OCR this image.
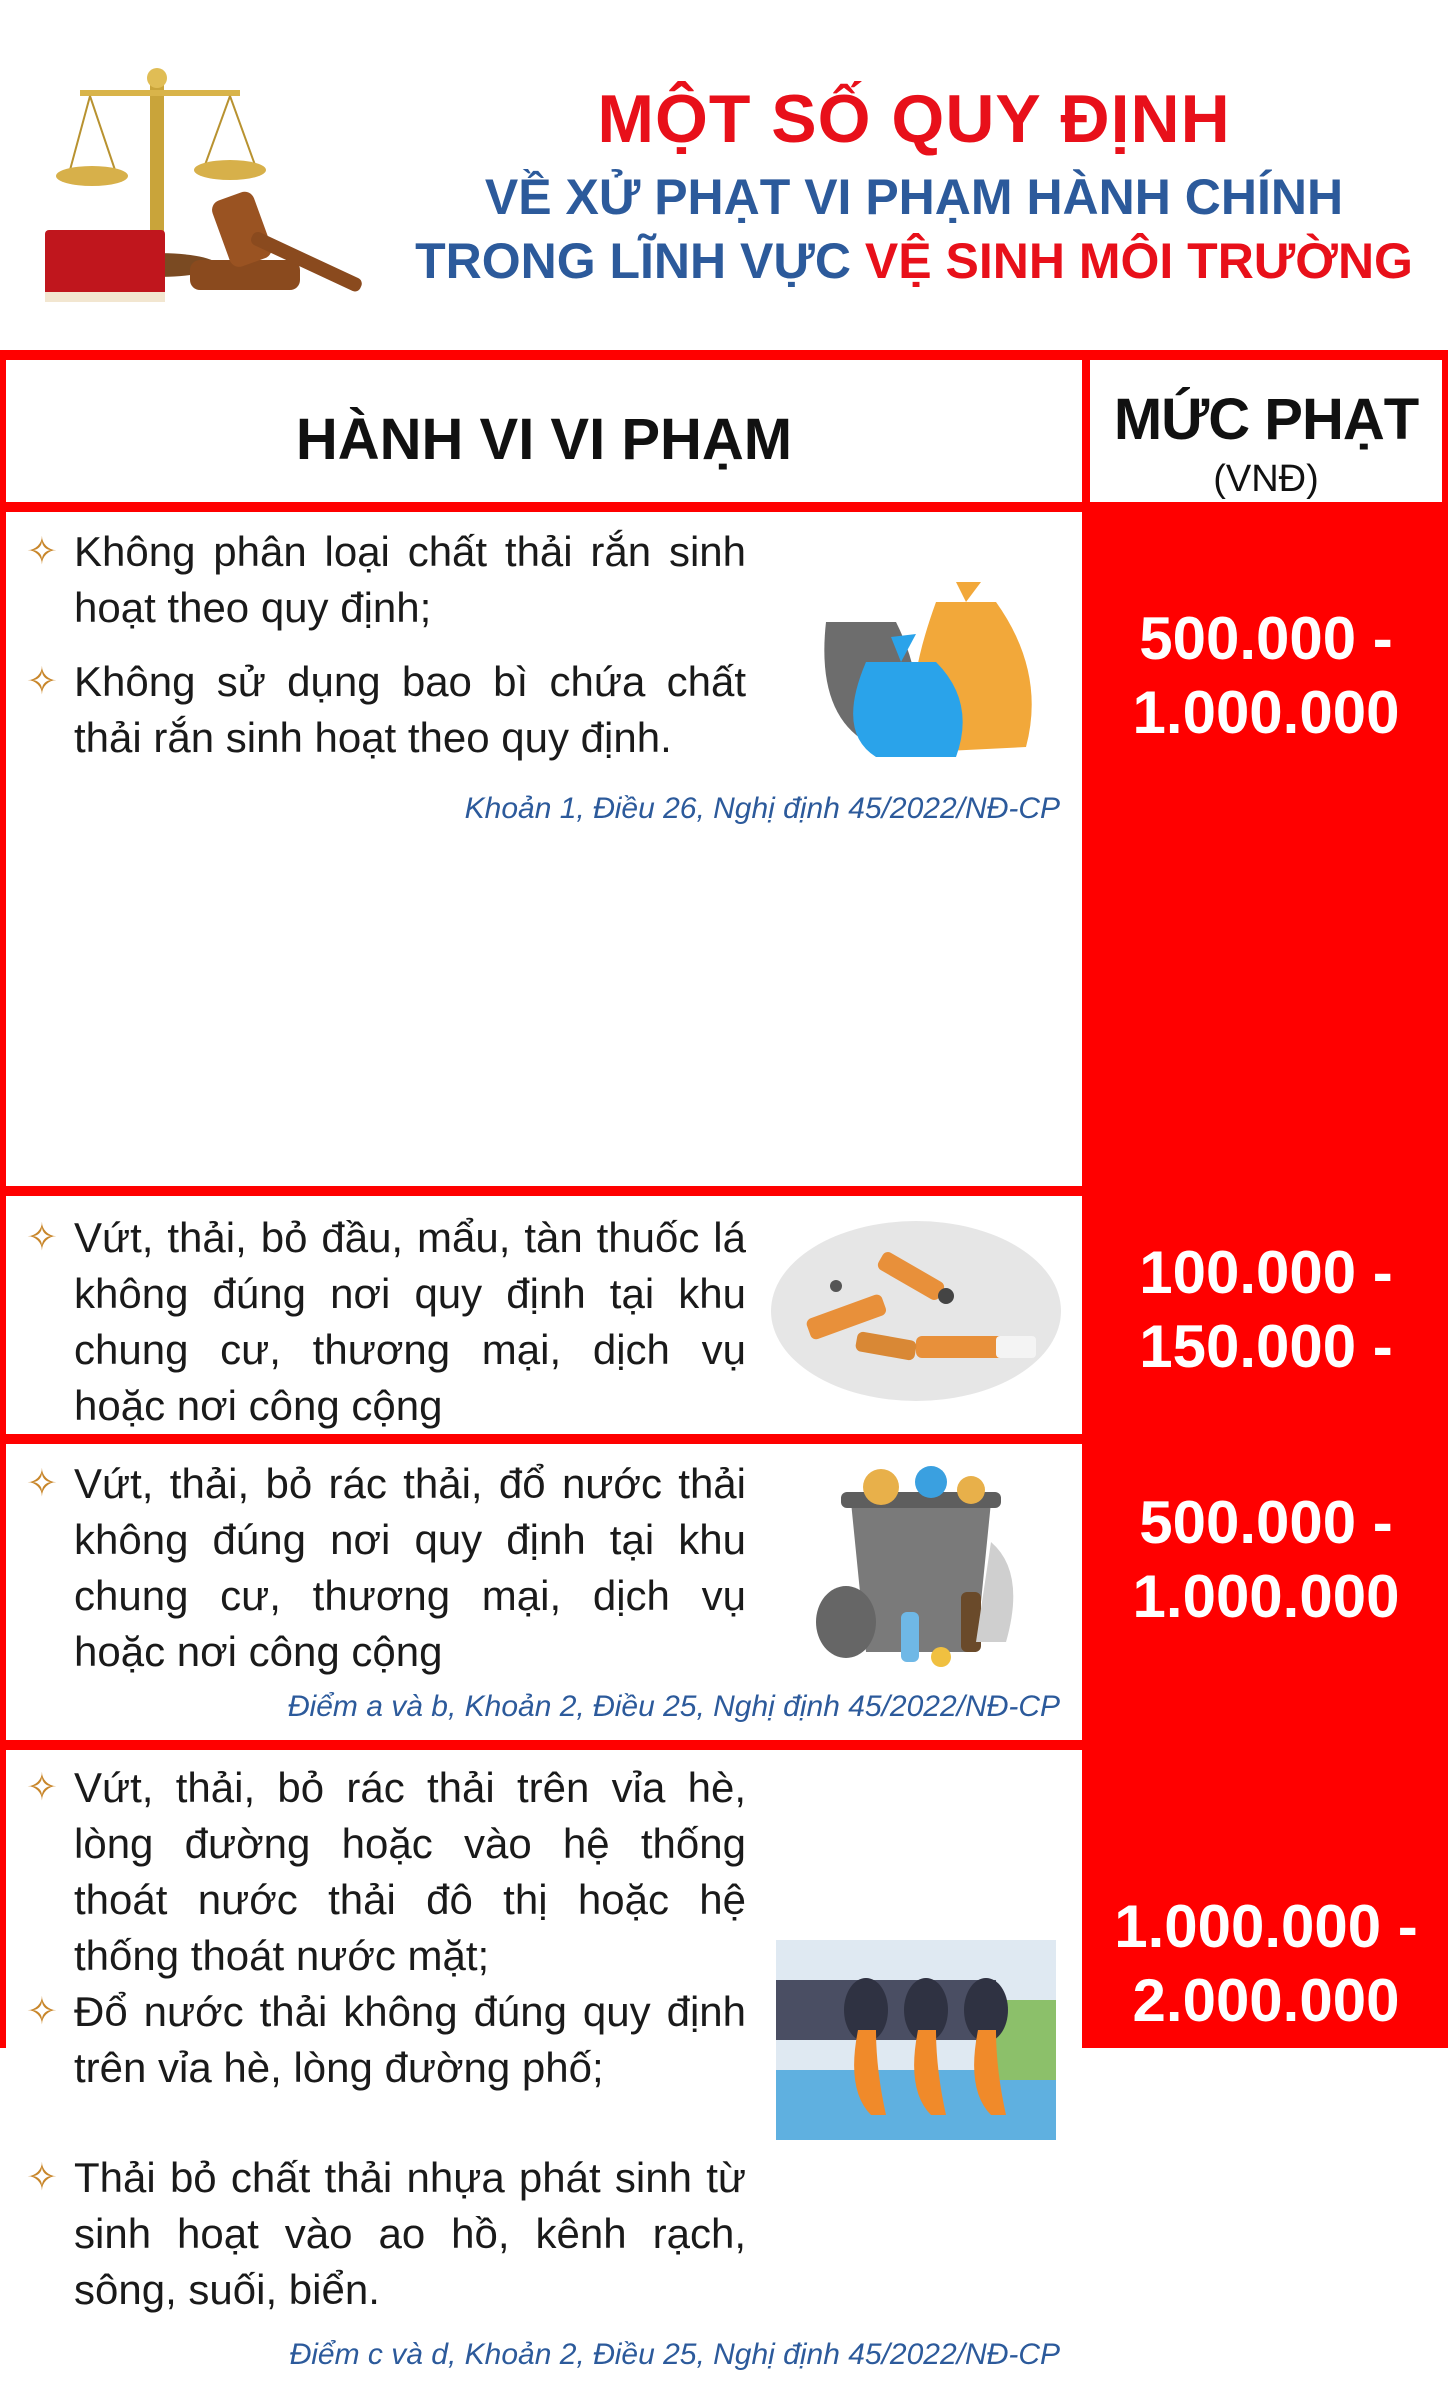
MỘT SỐ QUY ĐỊNH
VỀ XỬ PHẠT VI PHẠM HÀNH CHÍNH
TRONG LĨNH VỰC VỆ SINH MÔI TRƯỜNG
HÀNH VI VI PHẠM	MỨC PHẠT
(VNĐ)
✧ Không phân loại chất thải rắn sinh hoạt theo quy định;
✧ Không sử dụng bao bì chứa chất thải rắn sinh hoạt theo quy định.
Khoản 1, Điều 26, Nghị định 45/2022/NĐ-CP
500.000 -
1.000.000
✧ Vứt, thải, bỏ đầu, mẩu, tàn thuốc lá không đúng nơi quy định tại khu chung cư, thương mại, dịch vụ hoặc nơi công cộng
100.000 -
150.000 -
✧ Vứt, thải, bỏ rác thải, đổ nước thải không đúng nơi quy định tại khu chung cư, thương mại, dịch vụ hoặc nơi công cộng
Điểm a và b, Khoản 2, Điều 25, Nghị định 45/2022/NĐ-CP
500.000 -
1.000.000
✧ Vứt, thải, bỏ rác thải trên vỉa hè, lòng đường hoặc vào hệ thống thoát nước thải đô thị hoặc hệ thống thoát nước mặt;
✧ Đổ nước thải không đúng quy định trên vỉa hè, lòng đường phố;
✧ Thải bỏ chất thải nhựa phát sinh từ sinh hoạt vào ao hồ, kênh rạch, sông, suối, biển.
Điểm c và d, Khoản 2, Điều 25, Nghị định 45/2022/NĐ-CP
1.000.000 -
2.000.000
